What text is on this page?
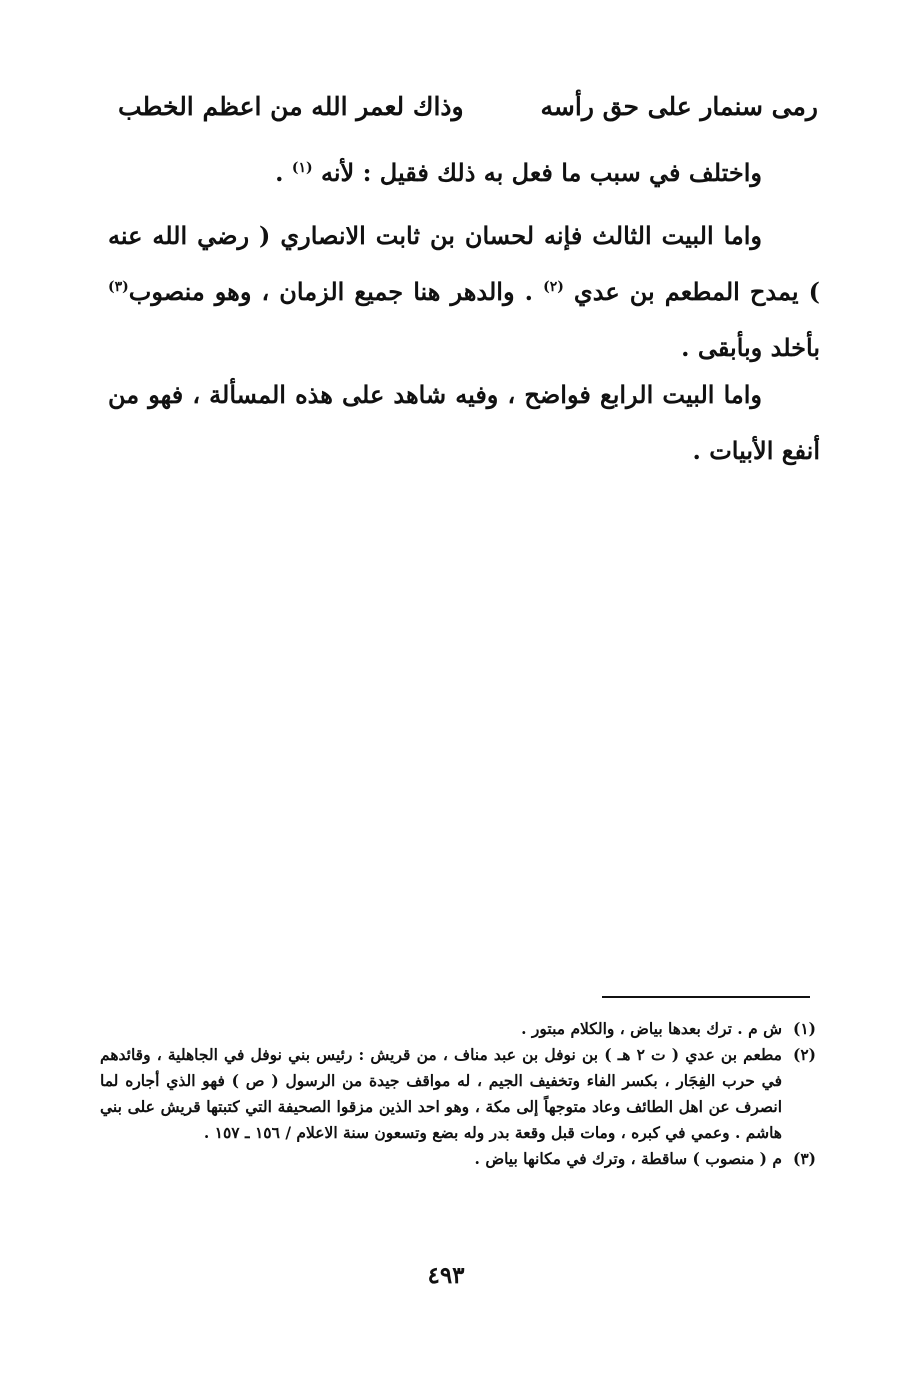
رمى سنمار على حق رأسه
وذاك لعمر الله من اعظم الخطب
واختلف في سبب ما فعل به ذلك فقيل : لأنه $^{(١)}$ .
واما البيت الثالث فإنه لحسان بن ثابت الانصاري ( رضي الله عنه ) يمدح المطعم بن عدي $^{(٢)}$ . والدهر هنا جميع الزمان ، وهو منصوب$^{(٣)}$ بأخلد وبأبقى .
واما البيت الرابع فواضح ، وفيه شاهد على هذه المسألة ، فهو من أنفع الأبيات .

(١)ش م . ترك بعدها بياض ، والكلام مبتور .

(٢)مطعم بن عدي ( ت ٢ هـ ) بن نوفل بن عبد مناف ، من قريش : رئيس بني نوفل في الجاهلية ، وقائدهم في حرب الفِجَار ، بكسر الفاء وتخفيف الجيم ، له مواقف جيدة من الرسول ( ص ) فهو الذي أجاره لما انصرف عن اهل الطائف وعاد متوجهاً إلى مكة ، وهو احد الذين مزقوا الصحيفة التي كتبتها قريش على بني هاشم . وعمي في كبره ، ومات قبل وقعة بدر وله بضع وتسعون سنة الاعلام / ١٥٦ ـ ١٥٧ .

(٣)م ( منصوب ) ساقطة ، وترك في مكانها بياض .

٤٩٣
